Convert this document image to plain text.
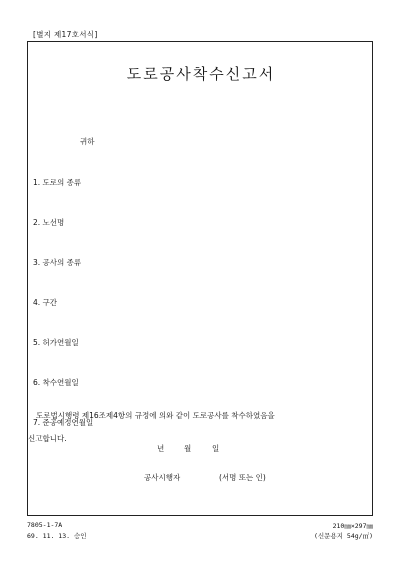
[별지 제17호서식]
도로공사착수신고서
귀하
1. 도로의 종류
2. 노선명
3. 공사의 종류
4. 구간
5. 허가연월일
6. 착수연월일
7. 준공예정연월일
도로법시행령 제16조제4항의 규정에 의와 같이 도로공사를 착수하였음을
신고합니다.
년	월	일
공사시행자	(서명 또는 인)
7805-1-7A
69. 11. 13. 승인
210㎜×297㎜
(신문용지 54g/㎡)
